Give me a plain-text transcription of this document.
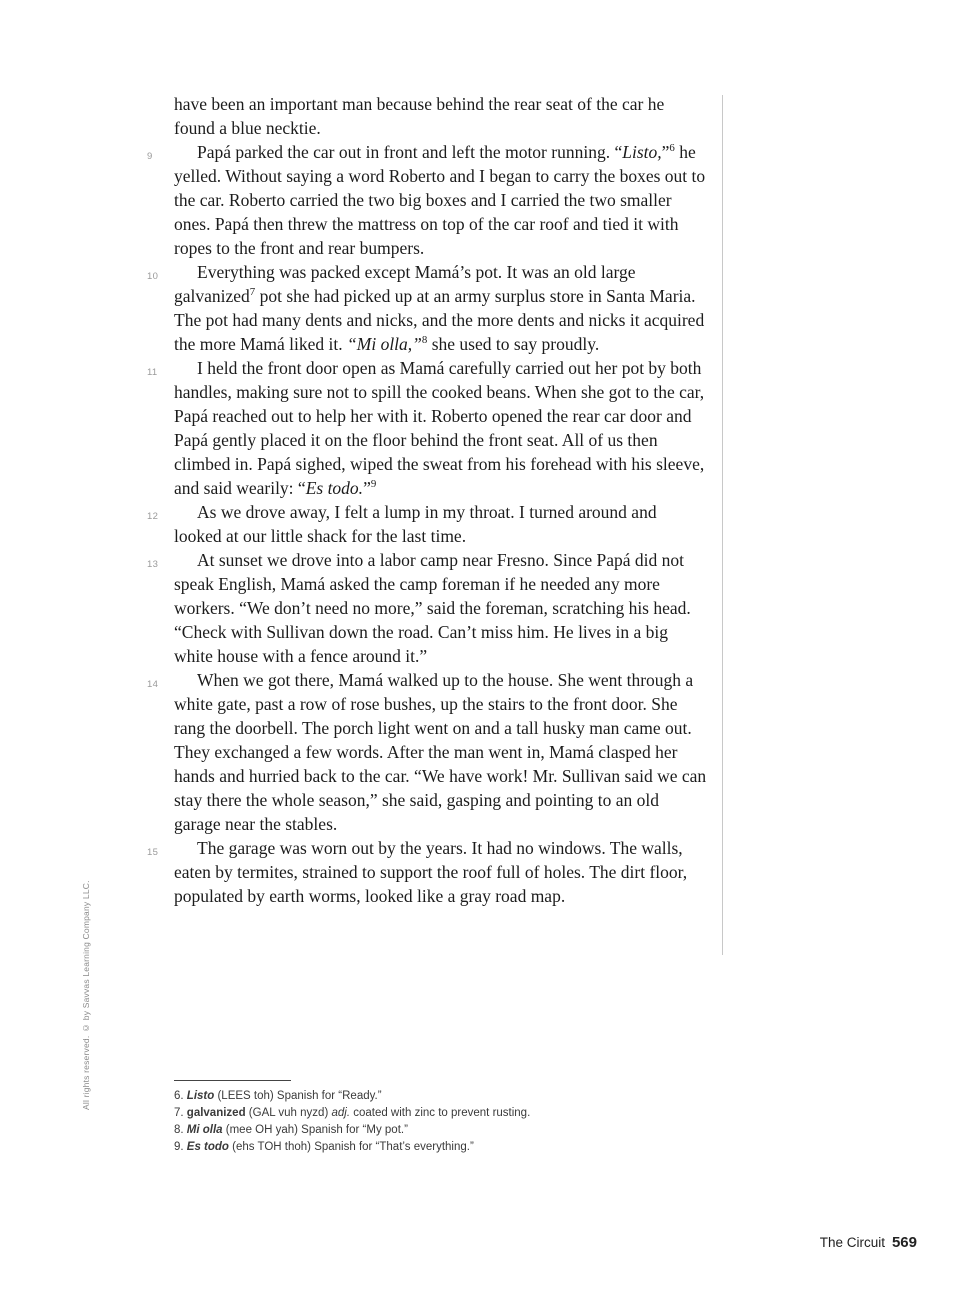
All rights reserved. © by Savvas Learning Company LLC.
have been an important man because behind the rear seat of the car he found a blue necktie.
9	Papá parked the car out in front and left the motor running. “Listo,”$^6$ he yelled. Without saying a word Roberto and I began to carry the boxes out to the car. Roberto carried the two big boxes and I carried the two smaller ones. Papá then threw the mattress on top of the car roof and tied it with ropes to the front and rear bumpers.
10	Everything was packed except Mamá’s pot. It was an old large galvanized$^7$ pot she had picked up at an army surplus store in Santa Maria. The pot had many dents and nicks, and the more dents and nicks it acquired the more Mamá liked it. “Mi olla,”$^8$ she used to say proudly.
11	I held the front door open as Mamá carefully carried out her pot by both handles, making sure not to spill the cooked beans. When she got to the car, Papá reached out to help her with it. Roberto opened the rear car door and Papá gently placed it on the floor behind the front seat. All of us then climbed in. Papá sighed, wiped the sweat from his forehead with his sleeve, and said wearily: “Es todo.”$^9$
12	As we drove away, I felt a lump in my throat. I turned around and looked at our little shack for the last time.
13	At sunset we drove into a labor camp near Fresno. Since Papá did not speak English, Mamá asked the camp foreman if he needed any more workers. “We don’t need no more,” said the foreman, scratching his head. “Check with Sullivan down the road. Can’t miss him. He lives in a big white house with a fence around it.”
14	When we got there, Mamá walked up to the house. She went through a white gate, past a row of rose bushes, up the stairs to the front door. She rang the doorbell. The porch light went on and a tall husky man came out. They exchanged a few words. After the man went in, Mamá clasped her hands and hurried back to the car. “We have work! Mr. Sullivan said we can stay there the whole season,” she said, gasping and pointing to an old garage near the stables.
15	The garage was worn out by the years. It had no windows. The walls, eaten by termites, strained to support the roof full of holes. The dirt floor, populated by earth worms, looked like a gray road map.
6. Listo (LEES toh) Spanish for “Ready.”
7. galvanized (GAL vuh nyzd) adj. coated with zinc to prevent rusting.
8. Mi olla (mee OH yah) Spanish for “My pot.”
9. Es todo (ehs TOH thoh) Spanish for “That’s everything.”
The Circuit 569
